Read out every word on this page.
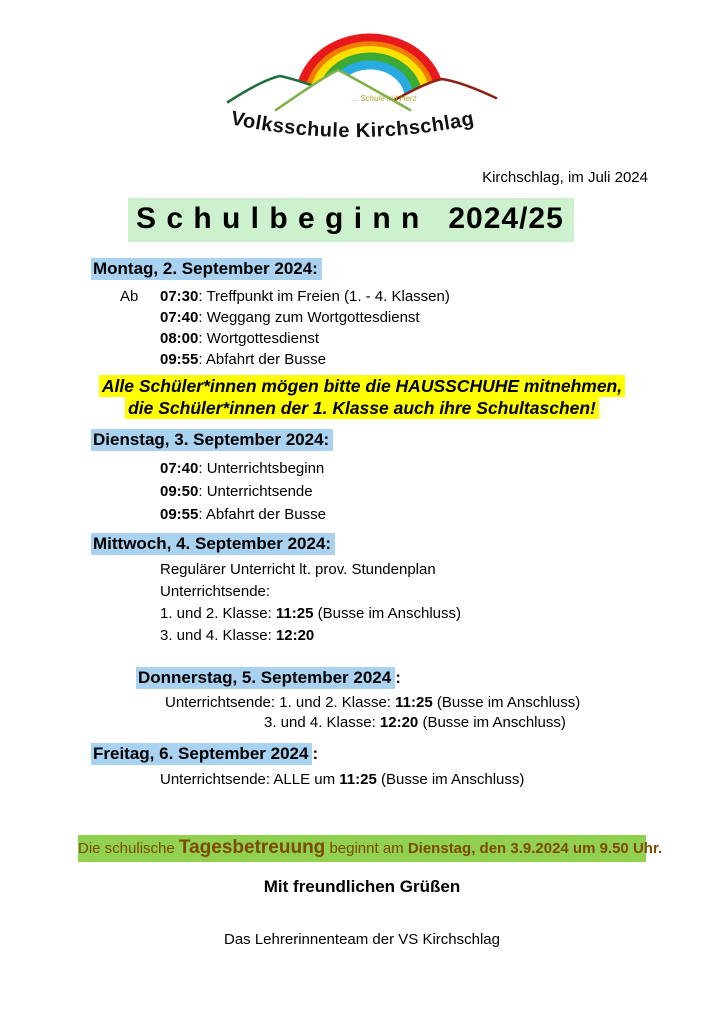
... Schule mit Herz
Volksschule Kirchschlag
Kirchschlag, im Juli 2024
S c h u l b e g i n n   2024/25
Montag, 2. September 2024:
Ab	07:30: Treffpunkt im Freien (1. - 4. Klassen)
07:40: Weggang zum Wortgottesdienst
08:00: Wortgottesdienst
09:55: Abfahrt der Busse
Alle Schüler*innen mögen bitte die HAUSSCHUHE mitnehmen,
die Schüler*innen der 1. Klasse auch ihre Schultaschen!
Dienstag, 3. September 2024:
07:40: Unterrichtsbeginn
09:50: Unterrichtsende
09:55: Abfahrt der Busse
Mittwoch, 4. September 2024:
Regulärer Unterricht lt. prov. Stundenplan
Unterrichtsende:
1. und 2. Klasse: 11:25 (Busse im Anschluss)
3. und 4. Klasse: 12:20
Donnerstag, 5. September 2024 :
Unterrichtsende: 1. und 2. Klasse: 11:25 (Busse im Anschluss)
3. und 4. Klasse: 12:20 (Busse im Anschluss)
Freitag, 6. September 2024 :
Unterrichtsende: ALLE um 11:25 (Busse im Anschluss)
Die schulische Tagesbetreuung beginnt am Dienstag, den 3.9.2024 um 9.50 Uhr.
Mit freundlichen Grüßen
Das Lehrerinnenteam der VS Kirchschlag
